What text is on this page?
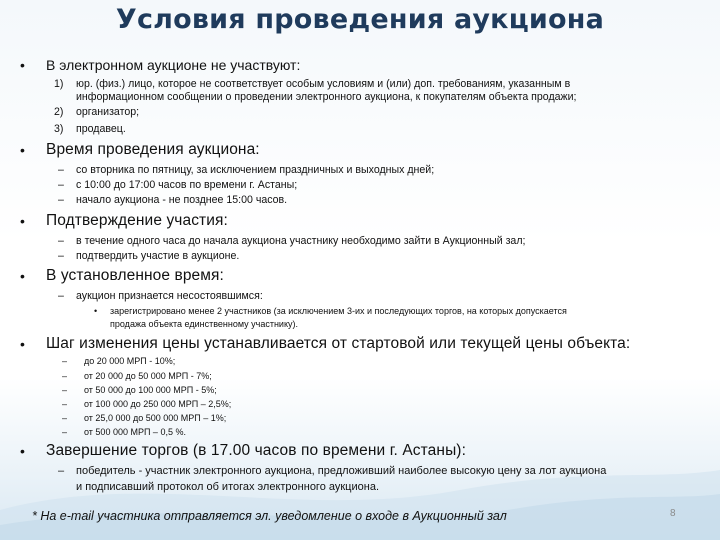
Условия проведения аукциона
•	В электронном аукционе не участвуют:
1) юр. (физ.) лицо, которое не соответствует особым условиям и (или) доп. требованиям, указанным в
информационном сообщении о проведении электронного аукциона, к покупателям объекта продажи;
2) организатор;
3) продавец.
•	Время проведения аукциона:
– со вторника по пятницу, за исключением праздничных и выходных дней;
– с 10:00 до 17:00 часов по времени г. Астаны;
– начало аукциона - не позднее 15:00 часов.
•	Подтверждение участия:
– в течение одного часа до начала аукциона участнику необходимо зайти в Аукционный зал;
– подтвердить участие в аукционе.
•	В установленное время:
– аукцион признается несостоявшимся:
• зарегистрировано менее 2 участников (за исключением 3-их и последующих торгов, на которых допускается
продажа объекта единственному участнику).
•	Шаг изменения цены устанавливается от стартовой или текущей цены объекта:
– до 20 000 МРП - 10%;
– от 20 000 до 50 000 МРП - 7%;
– от 50 000 до 100 000 МРП - 5%;
– от 100 000 до 250 000 МРП – 2,5%;
– от 25,0 000 до 500 000 МРП – 1%;
– от 500 000 МРП – 0,5 %.
•	Завершение торгов (в 17.00 часов по времени г. Астаны):
– победитель - участник электронного аукциона, предложивший наиболее высокую цену за лот аукциона
и подписавший протокол об итогах электронного аукциона.
* На e-mail участника отправляется эл. уведомление о входе в Аукционный зал	8
